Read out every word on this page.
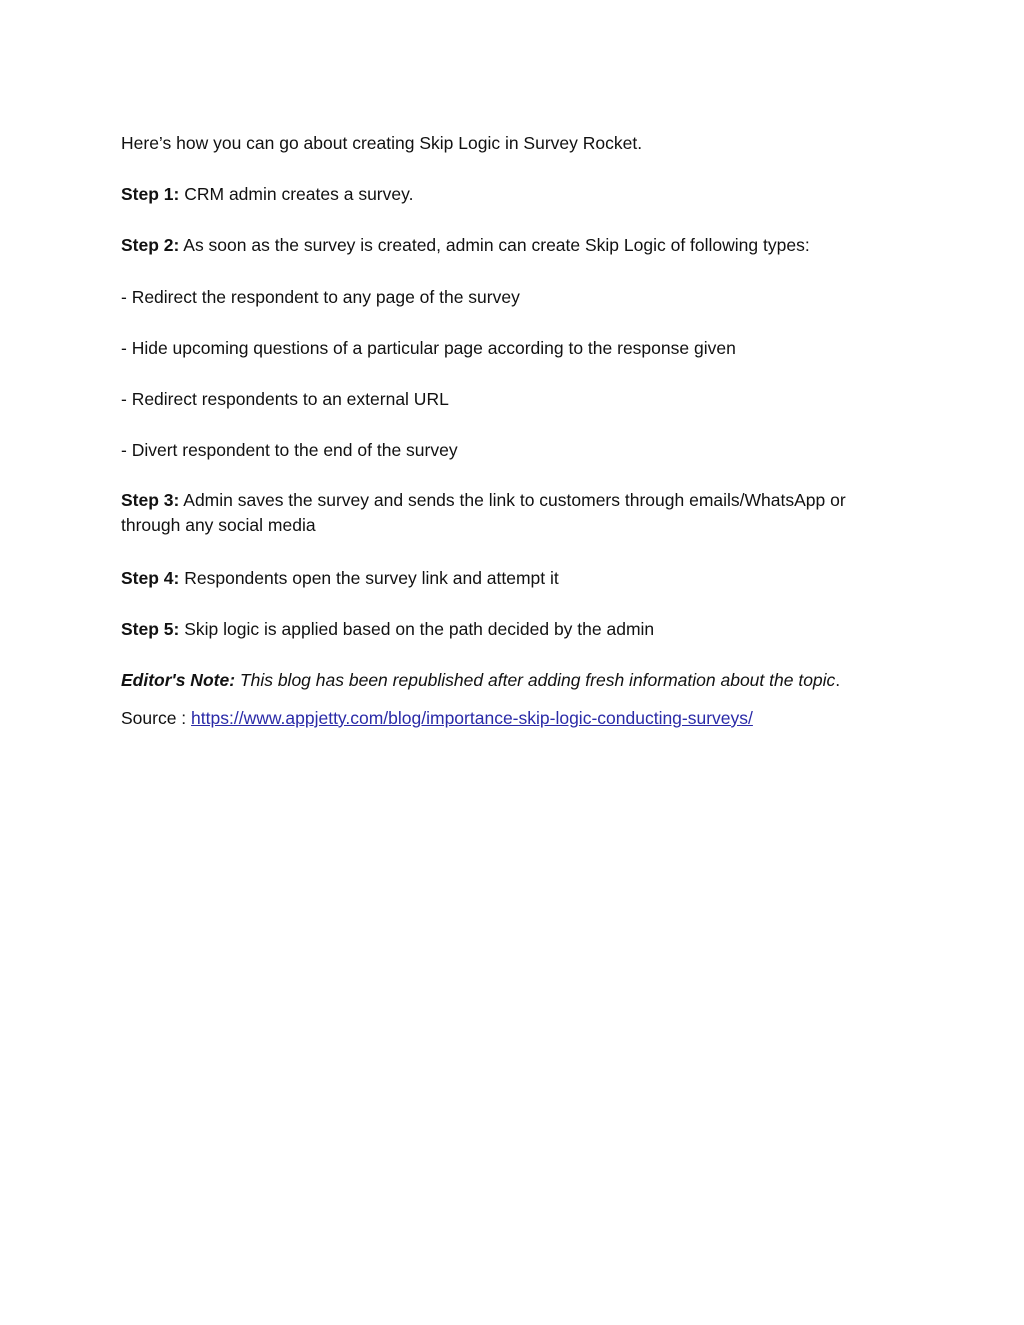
Here’s how you can go about creating Skip Logic in Survey Rocket.
Step 1: CRM admin creates a survey.
Step 2: As soon as the survey is created, admin can create Skip Logic of following types:
- Redirect the respondent to any page of the survey
- Hide upcoming questions of a particular page according to the response given
- Redirect respondents to an external URL
- Divert respondent to the end of the survey
Step 3: Admin saves the survey and sends the link to customers through emails/WhatsApp or through any social media
Step 4: Respondents open the survey link and attempt it
Step 5: Skip logic is applied based on the path decided by the admin
Editor's Note: This blog has been republished after adding fresh information about the topic.
Source : https://www.appjetty.com/blog/importance-skip-logic-conducting-surveys/
